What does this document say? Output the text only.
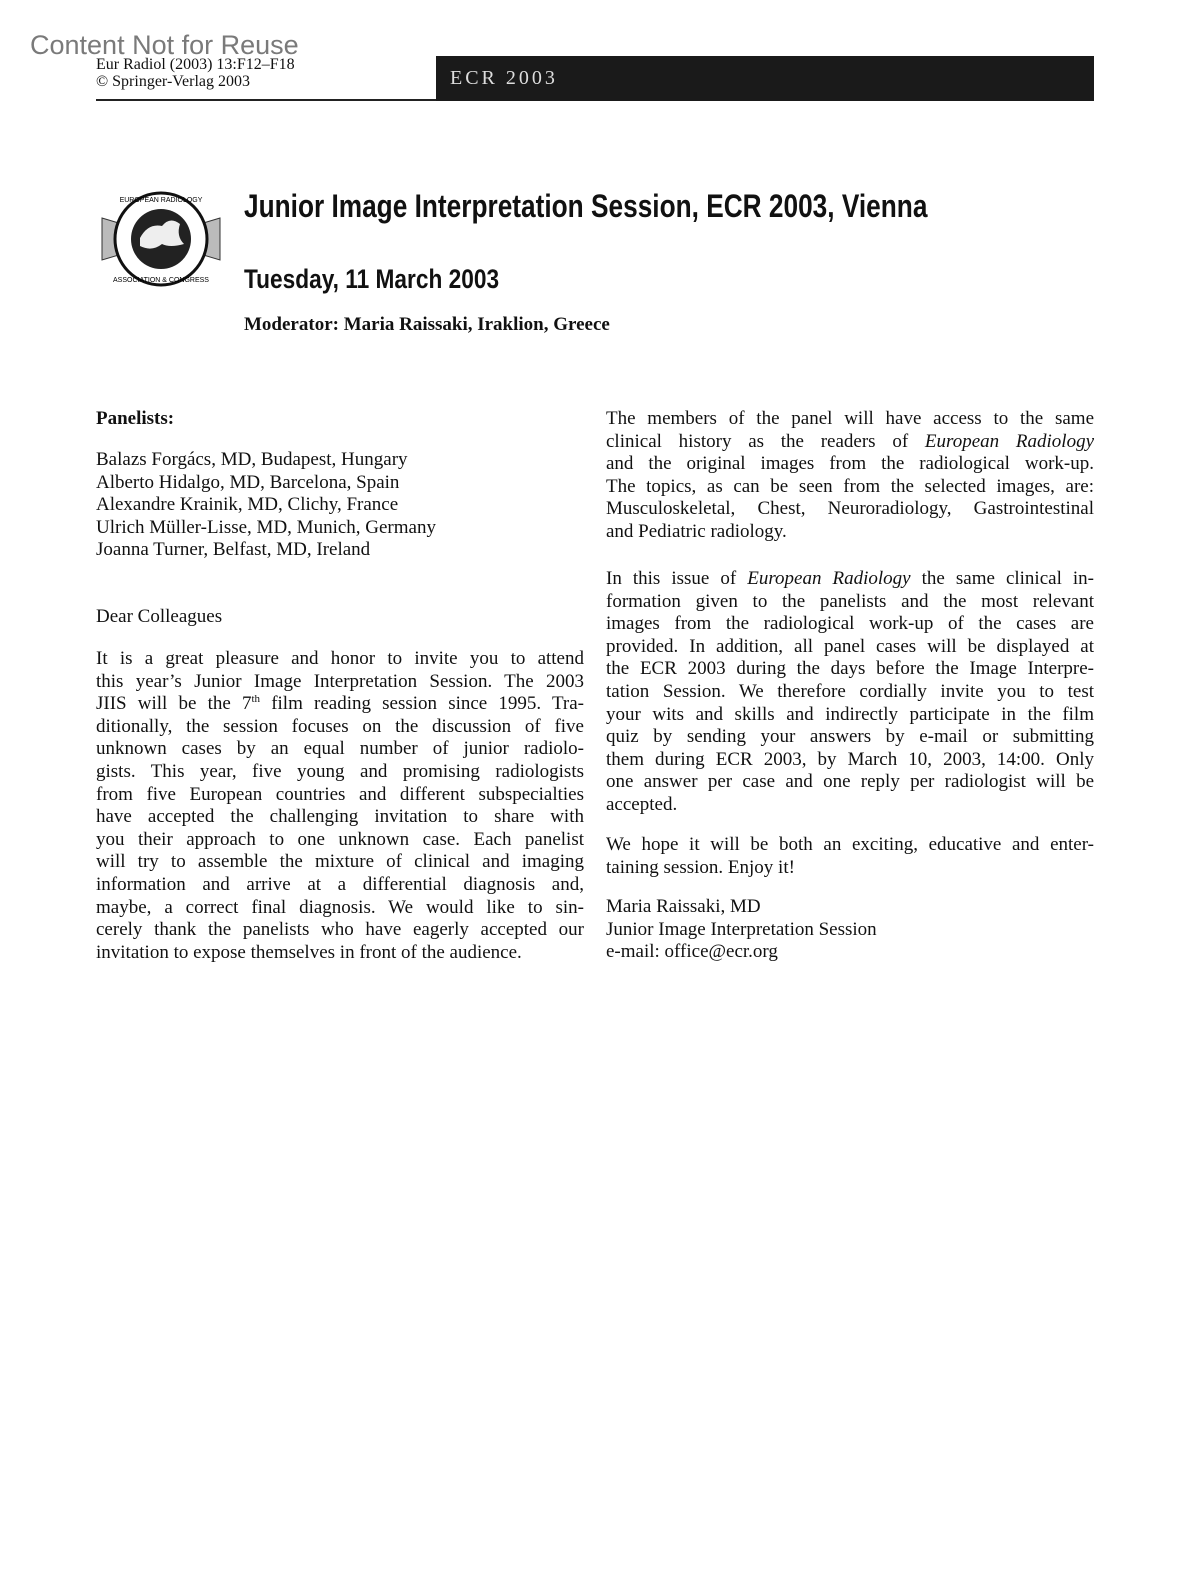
Content Not for Reuse
Eur Radiol (2003) 13:F12–F18
© Springer-Verlag 2003	ECR 2003
EUROPEAN RADIOLOGY
ASSOCIATION & CONGRESS
Junior Image Interpretation Session, ECR 2003, Vienna
Tuesday, 11 March 2003
Moderator: Maria Raissaki, Iraklion, Greece
Panelists:
Balazs Forgács, MD, Budapest, Hungary
Alberto Hidalgo, MD, Barcelona, Spain
Alexandre Krainik, MD, Clichy, France
Ulrich Müller-Lisse, MD, Munich, Germany
Joanna Turner, Belfast, MD, Ireland
Dear Colleagues
It is a great pleasure and honor to invite you to attend
this year’s Junior Image Interpretation Session. The 2003
JIIS will be the 7th film reading session since 1995. Tra-
ditionally, the session focuses on the discussion of five
unknown cases by an equal number of junior radiolo-
gists. This year, five young and promising radiologists
from five European countries and different subspecialties
have accepted the challenging invitation to share with
you their approach to one unknown case. Each panelist
will try to assemble the mixture of clinical and imaging
information and arrive at a differential diagnosis and,
maybe, a correct final diagnosis. We would like to sin-
cerely thank the panelists who have eagerly accepted our
invitation to expose themselves in front of the audience.
The members of the panel will have access to the same
clinical history as the readers of European Radiology
and the original images from the radiological work-up.
The topics, as can be seen from the selected images, are:
Musculoskeletal, Chest, Neuroradiology, Gastrointestinal
and Pediatric radiology.
In this issue of European Radiology the same clinical in-
formation given to the panelists and the most relevant
images from the radiological work-up of the cases are
provided. In addition, all panel cases will be displayed at
the ECR 2003 during the days before the Image Interpre-
tation Session. We therefore cordially invite you to test
your wits and skills and indirectly participate in the film
quiz by sending your answers by e-mail or submitting
them during ECR 2003, by March 10, 2003, 14:00. Only
one answer per case and one reply per radiologist will be
accepted.
We hope it will be both an exciting, educative and enter-
taining session. Enjoy it!
Maria Raissaki, MD
Junior Image Interpretation Session
e-mail: office@ecr.org
